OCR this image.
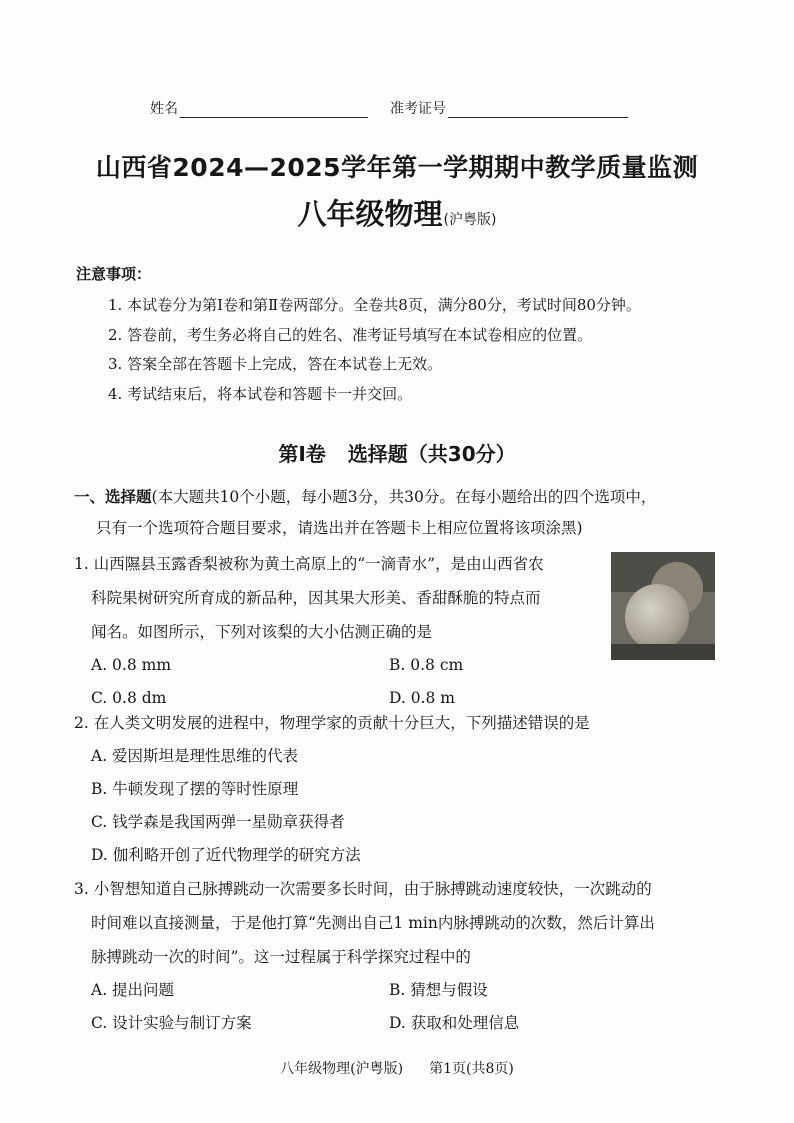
姓名	准考证号
山西省2024—2025学年第一学期期中教学质量监测
八年级物理(沪粤版)
注意事项：
1. 本试卷分为第Ⅰ卷和第Ⅱ卷两部分。全卷共8页，满分80分，考试时间80分钟。
2. 答卷前，考生务必将自己的姓名、准考证号填写在本试卷相应的位置。
3. 答案全部在答题卡上完成，答在本试卷上无效。
4. 考试结束后，将本试卷和答题卡一并交回。
第Ⅰ卷 选择题（共30分）
一、选择题(本大题共10个小题，每小题3分，共30分。在每小题给出的四个选项中，
只有一个选项符合题目要求，请选出并在答题卡上相应位置将该项涂黑)
1. 山西隰县玉露香梨被称为黄土高原上的“一滴青水”，是由山西省农
科院果树研究所育成的新品种，因其果大形美、香甜酥脆的特点而
闻名。如图所示，下列对该梨的大小估测正确的是
A. 0.8 mm	B. 0.8 cm
C. 0.8 dm	D. 0.8 m
2. 在人类文明发展的进程中，物理学家的贡献十分巨大，下列描述错误的是
A. 爱因斯坦是理性思维的代表
B. 牛顿发现了摆的等时性原理
C. 钱学森是我国两弹一星勋章获得者
D. 伽利略开创了近代物理学的研究方法
3. 小智想知道自己脉搏跳动一次需要多长时间，由于脉搏跳动速度较快，一次跳动的
时间难以直接测量，于是他打算“先测出自己1 min内脉搏跳动的次数，然后计算出
脉搏跳动一次的时间”。这一过程属于科学探究过程中的
A. 提出问题	B. 猜想与假设
C. 设计实验与制订方案	D. 获取和处理信息
八年级物理(沪粤版) 第1页(共8页)
